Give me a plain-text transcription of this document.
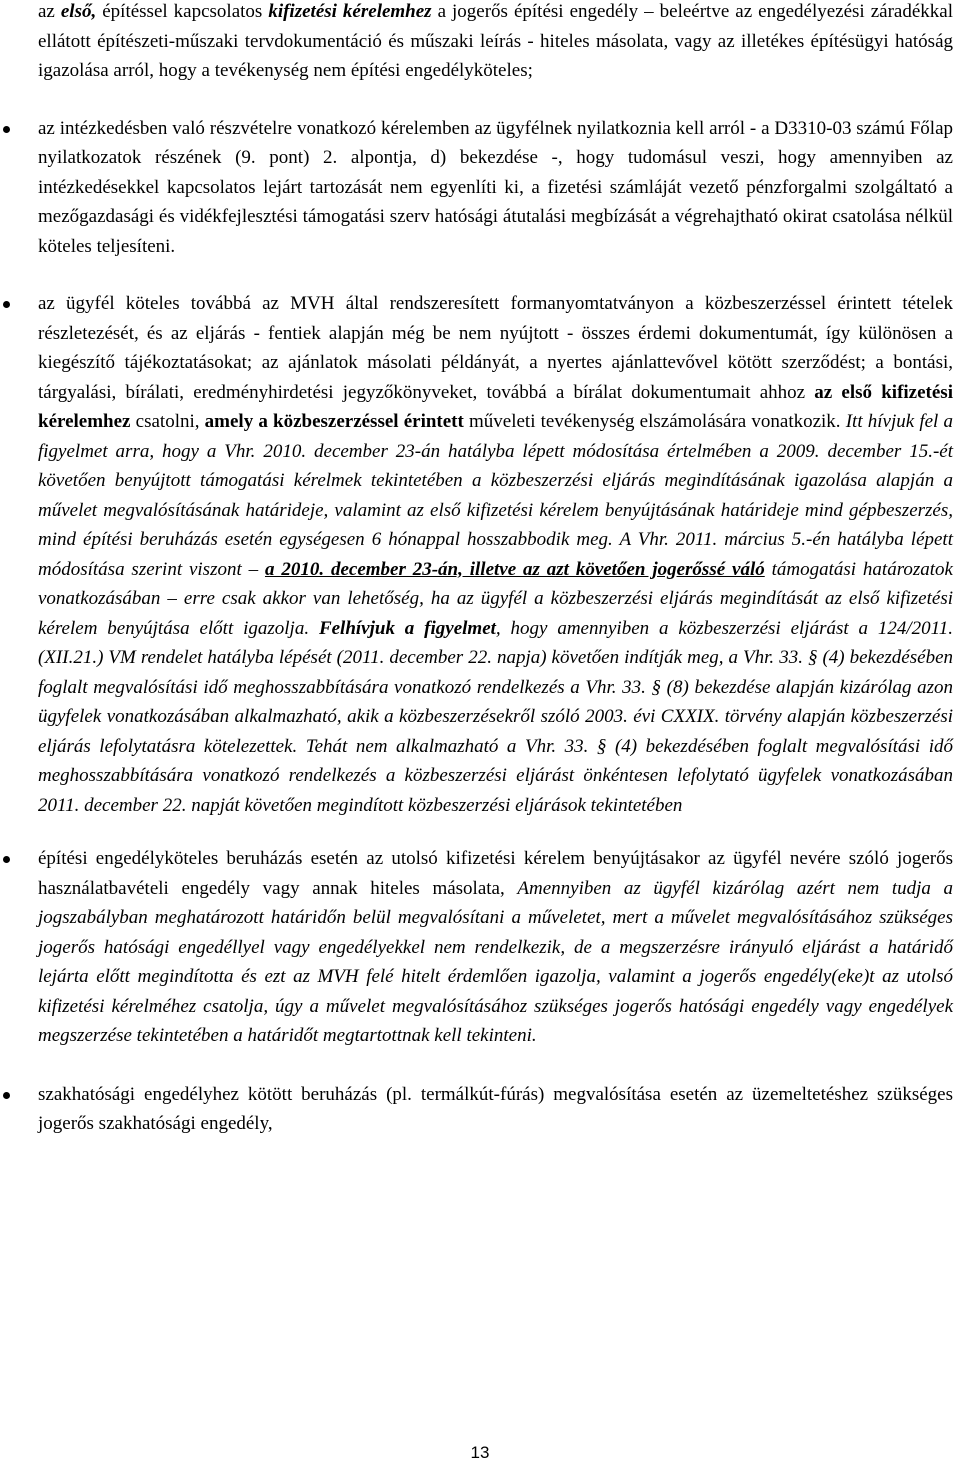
az első, építéssel kapcsolatos kifizetési kérelemhez a jogerős építési engedély – beleértve az engedélyezési záradékkal ellátott építészeti-műszaki tervdokumentáció és műszaki leírás - hiteles másolata, vagy az illetékes építésügyi hatóság igazolása arról, hogy a tevékenység nem építési engedélyköteles;
az intézkedésben való részvételre vonatkozó kérelemben az ügyfélnek nyilatkoznia kell arról - a D3310-03 számú Főlap nyilatkozatok részének (9. pont) 2. alpontja, d) bekezdése -, hogy tudomásul veszi, hogy amennyiben az intézkedésekkel kapcsolatos lejárt tartozását nem egyenlíti ki, a fizetési számláját vezető pénzforgalmi szolgáltató a mezőgazdasági és vidékfejlesztési támogatási szerv hatósági átutalási megbízását a végrehajtható okirat csatolása nélkül köteles teljesíteni.
az ügyfél köteles továbbá az MVH által rendszeresített formanyomtatványon a közbeszerzéssel érintett tételek részletezését, és az eljárás - fentiek alapján még be nem nyújtott - összes érdemi dokumentumát, így különösen a kiegészítő tájékoztatásokat; az ajánlatok másolati példányát, a nyertes ajánlattevővel kötött szerződést; a bontási, tárgyalási, bírálati, eredményhirdetési jegyzőkönyveket, továbbá a bírálat dokumentumait ahhoz az első kifizetési kérelemhez csatolni, amely a közbeszerzéssel érintett műveleti tevékenység elszámolására vonatkozik. Itt hívjuk fel a figyelmet arra, hogy a Vhr. 2010. december 23-án hatályba lépett módosítása értelmében a 2009. december 15.-ét követően benyújtott támogatási kérelmek tekintetében a közbeszerzési eljárás megindításának igazolása alapján a művelet megvalósításának határideje, valamint az első kifizetési kérelem benyújtásának határideje mind gépbeszerzés, mind építési beruházás esetén egységesen 6 hónappal hosszabbodik meg. A Vhr. 2011. március 5.-én hatályba lépett módosítása szerint viszont – a 2010. december 23-án, illetve az azt követően jogerőssé váló támogatási határozatok vonatkozásában – erre csak akkor van lehetőség, ha az ügyfél a közbeszerzési eljárás megindítását az első kifizetési kérelem benyújtása előtt igazolja. Felhívjuk a figyelmet, hogy amennyiben a közbeszerzési eljárást a 124/2011. (XII.21.) VM rendelet hatályba lépését (2011. december 22. napja) követően indítják meg, a Vhr. 33. § (4) bekezdésében foglalt megvalósítási idő meghosszabbítására vonatkozó rendelkezés a Vhr. 33. § (8) bekezdése alapján kizárólag azon ügyfelek vonatkozásában alkalmazható, akik a közbeszerzésekről szóló 2003. évi CXXIX. törvény alapján közbeszerzési eljárás lefolytatásra kötelezettek. Tehát nem alkalmazható a Vhr. 33. § (4) bekezdésében foglalt megvalósítási idő meghosszabbítására vonatkozó rendelkezés a közbeszerzési eljárást önkéntesen lefolytató ügyfelek vonatkozásában 2011. december 22. napját követően megindított közbeszerzési eljárások tekintetében
építési engedélyköteles beruházás esetén az utolsó kifizetési kérelem benyújtásakor az ügyfél nevére szóló jogerős használatbavételi engedély vagy annak hiteles másolata, Amennyiben az ügyfél kizárólag azért nem tudja a jogszabályban meghatározott határidőn belül megvalósítani a műveletet, mert a művelet megvalósításához szükséges jogerős hatósági engedéllyel vagy engedélyekkel nem rendelkezik, de a megszerzésre irányuló eljárást a határidő lejárta előtt megindította és ezt az MVH felé hitelt érdemlően igazolja, valamint a jogerős engedély(eke)t az utolsó kifizetési kérelméhez csatolja, úgy a művelet megvalósításához szükséges jogerős hatósági engedély vagy engedélyek megszerzése tekintetében a határidőt megtartottnak kell tekinteni.
szakhatósági engedélyhez kötött beruházás (pl. termálkút-fúrás) megvalósítása esetén az üzemeltetéshez szükséges jogerős szakhatósági engedély,
13
